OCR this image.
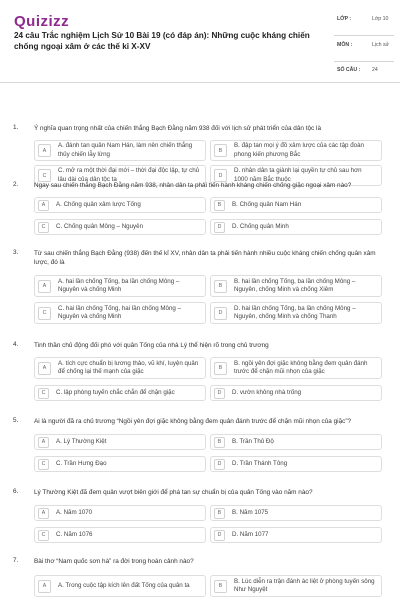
Quizizz
24 câu Trắc nghiệm Lịch Sử 10 Bài 19 (có đáp án): Những cuộc kháng chiến chống ngoại xâm ở các thế kỉ X-XV
LỚP :	Lớp 10
MÔN :	Lịch sử
SỐ CÂU : 24
1. Ý nghĩa quan trọng nhất của chiến thắng Bạch Đằng năm 938 đối với lịch sử phát triển của dân tộc là
A
A. đánh tan quân Nam Hán, làm nên chiến thắng thủy chiến lẫy lừng	B
B. đập tan mọi ý đồ xâm lược của các tập đoàn phong kiến phương Bắc
C
C. mở ra một thời đại mới – thời đại độc lập, tự chủ lâu dài của dân tộc ta	D
D. nhân dân ta giành lại quyền tự chủ sau hơn 1000 năm Bắc thuộc
2. Ngay sau chiến thắng Bạch Đằng năm 938, nhân dân ta phải tiến hành kháng chiến chống giặc ngoại xâm nào?
A	A. Chống quân xâm lược Tống	B	B. Chống quân Nam Hán
C	C. Chống quân Mông – Nguyên	D	D. Chống quân Minh
3. Từ sau chiến thắng Bạch Đằng (938) đến thế kỉ XV, nhân dân ta phải tiến hành nhiều cuộc kháng chiến chống quân xâm lược, đó là
A
A. hai lần chống Tống, ba lần chống Mông – Nguyên và chống Minh	B
B. hai lần chống Tống, ba lần chống Mông – Nguyên, chống Minh và chống Xiêm
C
C. hai lần chống Tống, hai lần chống Mông – Nguyên và chống Minh	D
D. hai lần chống Tống, ba lần chống Mông – Nguyên, chống Minh và chống Thanh
4. Tinh thần chủ động đối phó với quân Tống của nhà Lý thể hiện rõ trong chủ trương
A
A. tích cực chuẩn bị lương thảo, vũ khí, luyện quân để chống lại thế mạnh của giặc	B
B. ngồi yên đợi giặc không bằng đem quân đánh trước để chặn mũi nhọn của giặc
C	C. lập phòng tuyến chắc chắn để chặn giặc	D	D. vườn không nhà trống
5. Ai là người đã ra chủ trương “Ngồi yên đợi giặc không bằng đem quân đánh trước để chặn mũi nhọn của giặc”?
A	A. Lý Thường Kiệt	B	B. Trần Thủ Độ
C	C. Trần Hưng Đạo	D	D. Trần Thánh Tông
6. Lý Thường Kiệt đã đem quân vượt biên giới để phá tan sự chuẩn bị của quân Tống vào năm nào?
A	A. Năm 1070	B	B. Năm 1075
C	C. Năm 1076	D	D. Năm 1077
7. Bài thơ “Nam quốc sơn hà” ra đời trong hoàn cảnh nào?
A	A. Trong cuộc tập kích lên đất Tống của quân ta	B
B. Lúc diễn ra trận đánh ác liệt ở phòng tuyến sông Như Nguyệt
